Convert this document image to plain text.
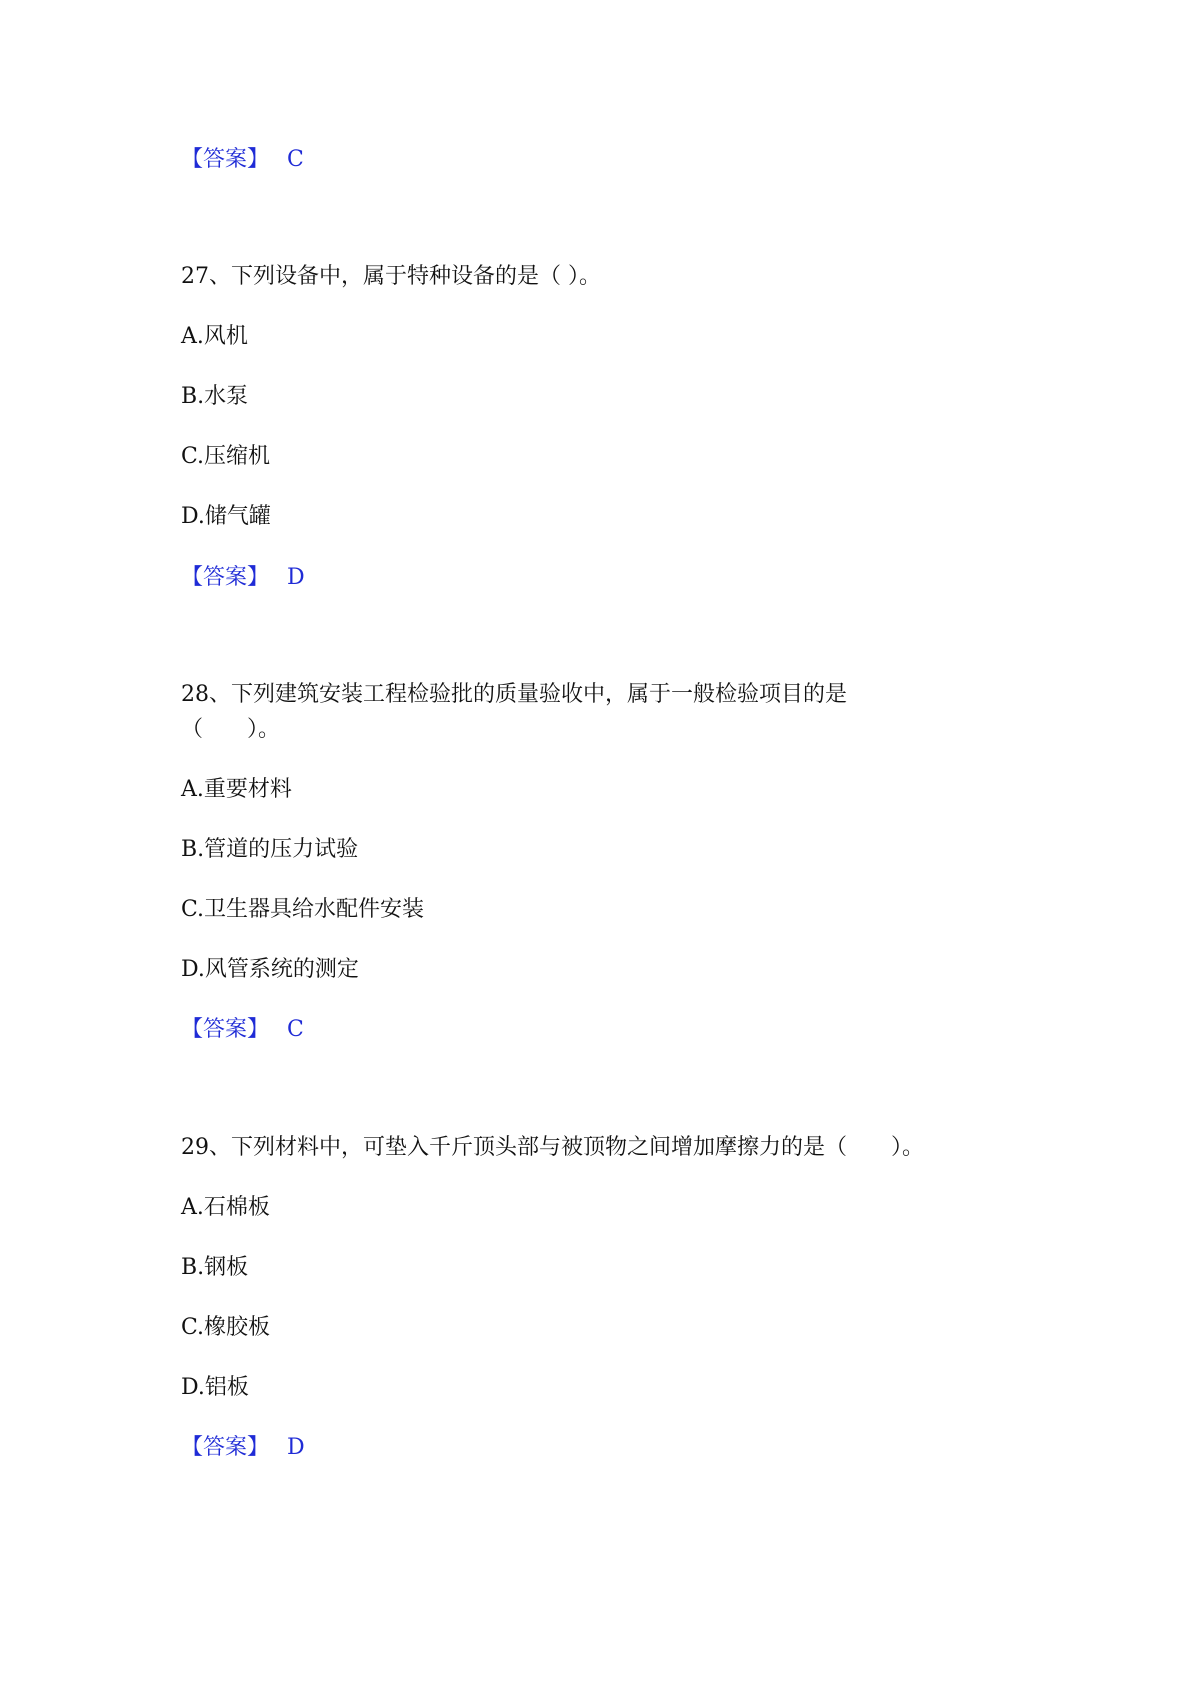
【答案】 C
27、下列设备中，属于特种设备的是（ ）。
A.风机
B.水泵
C.压缩机
D.储气罐
【答案】 D
28、下列建筑安装工程检验批的质量验收中，属于一般检验项目的是
（　　）。
A.重要材料
B.管道的压力试验
C.卫生器具给水配件安装
D.风管系统的测定
【答案】 C
29、下列材料中，可垫入千斤顶头部与被顶物之间增加摩擦力的是（　　）。
A.石棉板
B.钢板
C.橡胶板
D.铝板
【答案】 D
